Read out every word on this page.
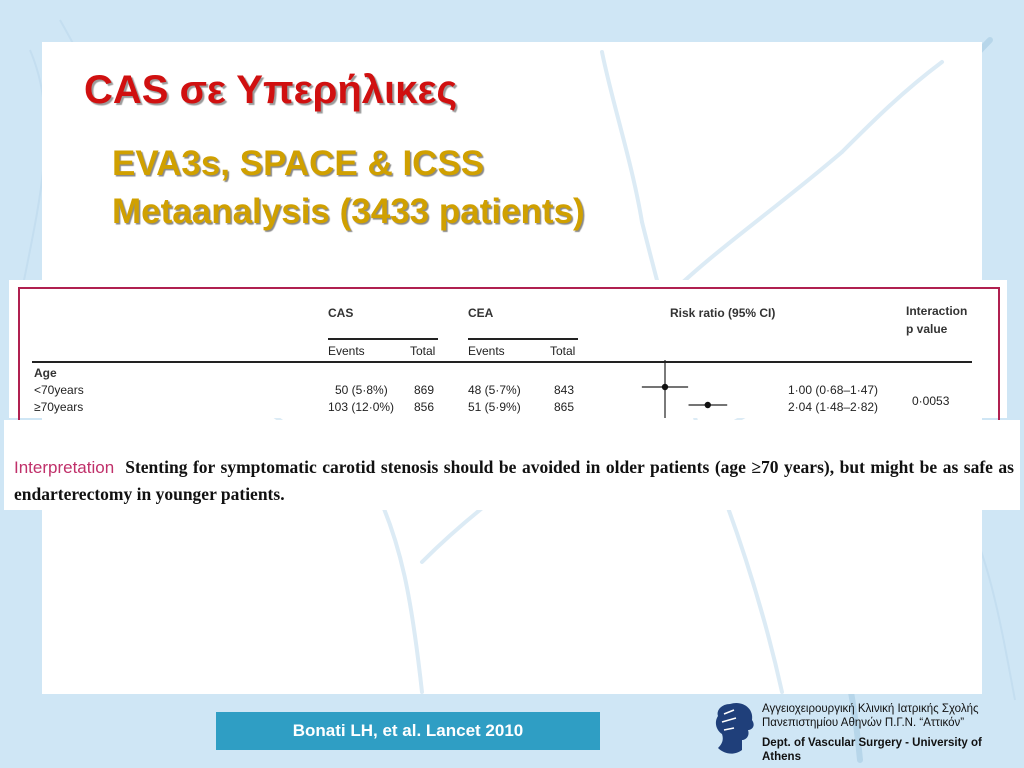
CAS σε Υπερήλικες
EVA3s, SPACE & ICSS
Metaanalysis (3433 patients)
CAS	CEA	Risk ratio (95% CI)	Interaction
p value
Events	Total	Events	Total
Age
<70years	50 (5·8%) 869	48 (5·7%)	843	1·00 (0·68–1·47)
≥70years	103 (12·0%) 856	51 (5·9%)	865	2·04 (1·48–2·82)	0·0053
Interpretation Stenting for symptomatic carotid stenosis should be avoided in older patients (age ≥70 years), but might be as safe as endarterectomy in younger patients.
Bonati LH, et al. Lancet 2010
Αγγειοχειρουργική Κλινική Ιατρικής Σχολής
Πανεπιστημίου Αθηνών Π.Γ.Ν. “Αττικόν”
Dept. of Vascular Surgery - University of Athens
